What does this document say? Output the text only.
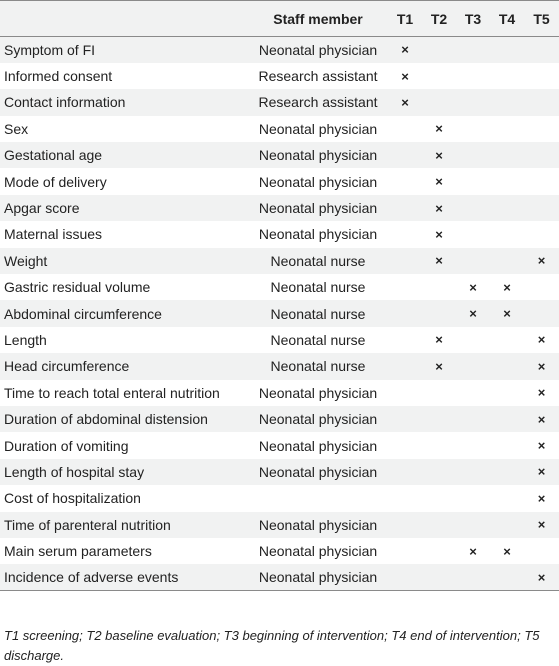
	Staff member	T1	T2	T3	T4	T5
Symptom of FI	Neonatal physician	×				
Informed consent	Research assistant	×				
Contact information	Research assistant	×				
Sex	Neonatal physician		×			
Gestational age	Neonatal physician		×			
Mode of delivery	Neonatal physician		×			
Apgar score	Neonatal physician		×			
Maternal issues	Neonatal physician		×			
Weight	Neonatal nurse		×			×
Gastric residual volume	Neonatal nurse			×	×	
Abdominal circumference	Neonatal nurse			×	×	
Length	Neonatal nurse		×			×
Head circumference	Neonatal nurse		×			×
Time to reach total enteral nutrition	Neonatal physician					×
Duration of abdominal distension	Neonatal physician					×
Duration of vomiting	Neonatal physician					×
Length of hospital stay	Neonatal physician					×
Cost of hospitalization						×
Time of parenteral nutrition	Neonatal physician					×
Main serum parameters	Neonatal physician			×	×	
Incidence of adverse events	Neonatal physician					×
T1 screening; T2 baseline evaluation; T3 beginning of intervention; T4 end of intervention; T5 discharge.
